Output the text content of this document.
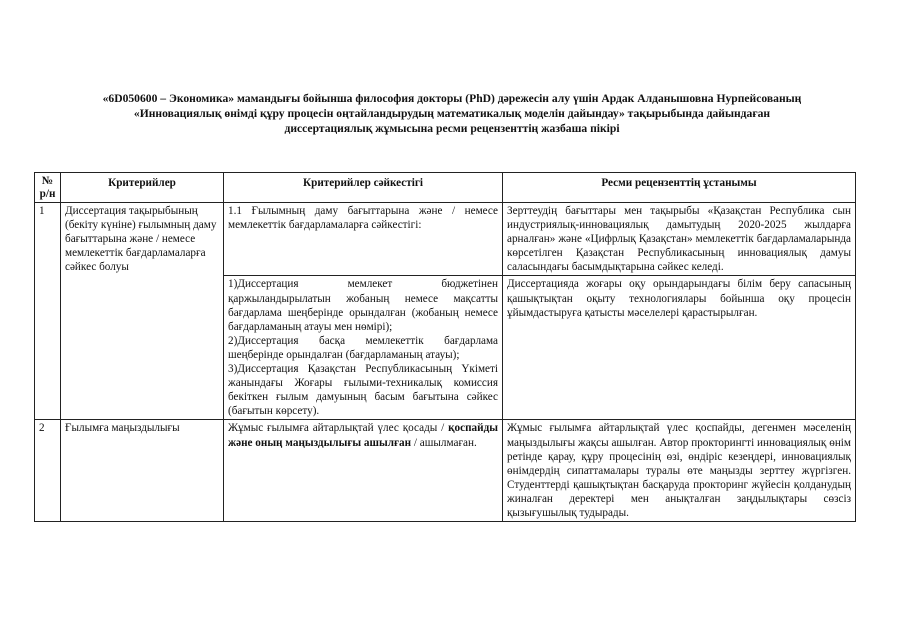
«6D050600 – Экономика» мамандығы бойынша философия докторы (PhD) дәрежесін алу үшін Ардак Алданышовна Нурпейсованың
«Инновациялық өнімді құру процесін оңтайландырудың математикалық моделін дайындау» тақырыбында дайындаған
диссертациялық жұмысына ресми рецензенттің жазбаша пікірі
№ р/н	Критерийлер	Критерийлер сәйкестігі	Ресми рецензенттің ұстанымы
1	Диссертация тақырыбының (бекіту күніне) ғылымның даму бағыттарына және / немесе мемлекеттік бағдарламаларға сәйкес болуы	1.1 Ғылымның даму бағыттарына және / немесе мемлекеттік бағдарламаларға сәйкестігі:	Зерттеудің бағыттары мен тақырыбы «Қазақстан Республика сын индустриялық-инновациялық дамытудың 2020-2025 жылдарға арналған» және «Цифрлық Қазақстан» мемлекеттік бағдарламаларында көрсетілген Қазақстан Республикасының инновациялық дамуы саласындағы басымдықтарына сәйкес келеді.

		1)Диссертация мемлекет бюджетінен қаржыландырылатын жобаның немесе мақсатты бағдарлама шеңберінде орындалған (жобаның немесе бағдарламаның атауы мен нөмірі);
2)Диссертация басқа мемлекеттік бағдарлама шеңберінде орындалған (бағдарламаның атауы);
3)Диссертация Қазақстан Республикасының Үкіметі жанындағы Жоғары ғылыми-техникалық комиссия бекіткен ғылым дамуының басым бағытына сәйкес (бағытын көрсету).	Диссертацияда жоғары оқу орындарындағы білім беру сапасының қашықтықтан оқыту технологиялары бойынша оқу процесін ұйымдастыруға қатысты мәселелері қарастырылған.
2	Ғылымға маңыздылығы	Жұмыс ғылымға айтарлықтай үлес қосады / қоспайды және оның маңыздылығы ашылған / ашылмаған.	Жұмыс ғылымға айтарлықтай үлес қоспайды, дегенмен мәселенің маңыздылығы жақсы ашылған. Автор прокторингті инновациялық өнім ретінде қарау, құру процесінің өзі, өндіріс кезеңдері, инновациялық өнімдердің сипаттамалары туралы өте маңызды зерттеу жүргізген. Студенттерді қашықтықтан басқаруда прокторинг жүйесін қолданудың жиналған деректері мен анықталған заңдылықтары сөзсіз қызығушылық тудырады.
